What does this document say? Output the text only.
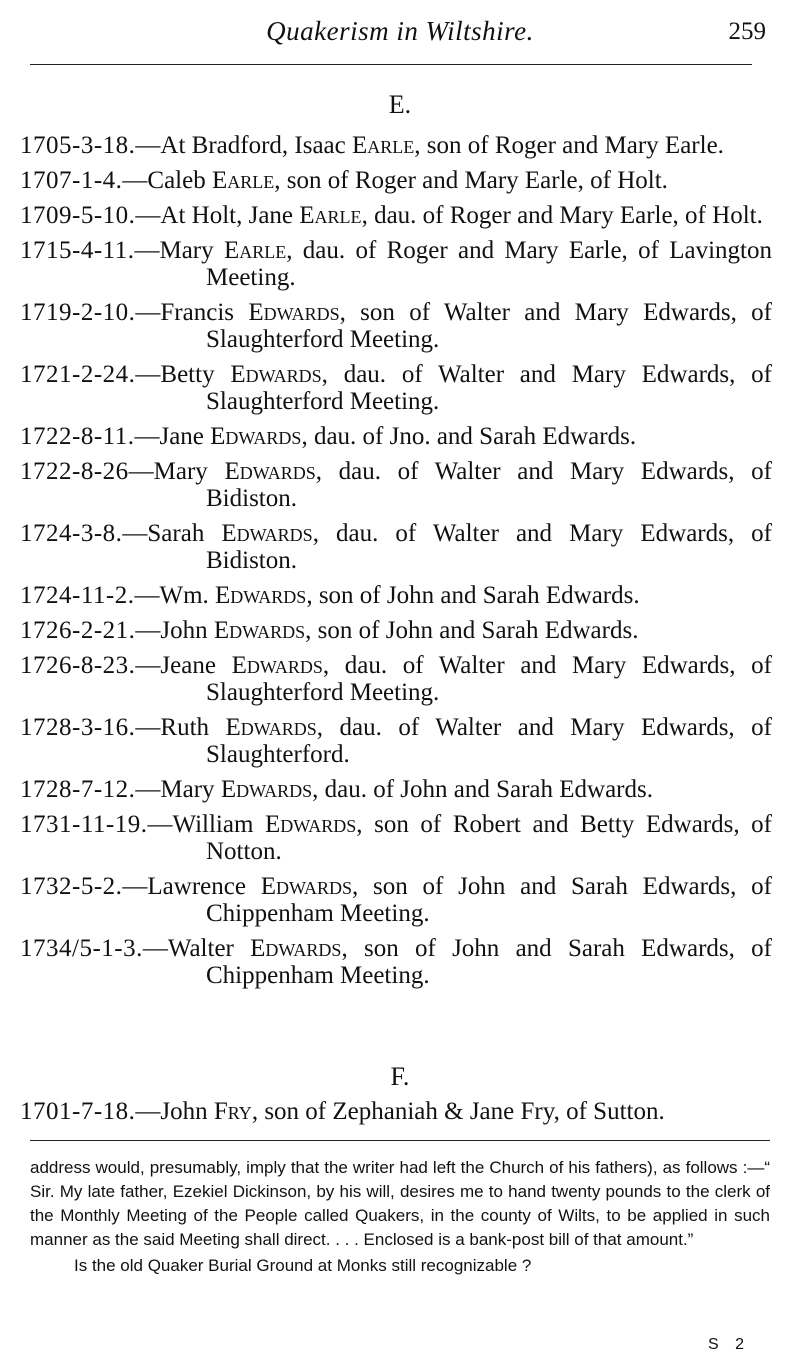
Quakerism in Wiltshire.	259
E.
1705-3-18.—At Bradford, Isaac Earle, son of Roger and Mary Earle.
1707-1-4.—Caleb Earle, son of Roger and Mary Earle, of Holt.
1709-5-10.—At Holt, Jane Earle, dau. of Roger and Mary Earle, of Holt.
1715-4-11.—Mary Earle, dau. of Roger and Mary Earle, of Lavington Meeting.
1719-2-10.—Francis Edwards, son of Walter and Mary Edwards, of Slaughterford Meeting.
1721-2-24.—Betty Edwards, dau. of Walter and Mary Edwards, of Slaughterford Meeting.
1722-8-11.—Jane Edwards, dau. of Jno. and Sarah Edwards.
1722-8-26—Mary Edwards, dau. of Walter and Mary Edwards, of Bidiston.
1724-3-8.—Sarah Edwards, dau. of Walter and Mary Edwards, of Bidiston.
1724-11-2.—Wm. Edwards, son of John and Sarah Edwards.
1726-2-21.—John Edwards, son of John and Sarah Edwards.
1726-8-23.—Jeane Edwards, dau. of Walter and Mary Edwards, of Slaughterford Meeting.
1728-3-16.—Ruth Edwards, dau. of Walter and Mary Edwards, of Slaughterford.
1728-7-12.—Mary Edwards, dau. of John and Sarah Edwards.
1731-11-19.—William Edwards, son of Robert and Betty Edwards, of Notton.
1732-5-2.—Lawrence Edwards, son of John and Sarah Edwards, of Chippenham Meeting.
1734/5-1-3.—Walter Edwards, son of John and Sarah Edwards, of Chippenham Meeting.
F.
1701-7-18.—John Fry, son of Zephaniah & Jane Fry, of Sutton.

address would, presumably, imply that the writer had left the Church of his fathers), as follows :—“ Sir. My late father, Ezekiel Dickinson, by his will, desires me to hand twenty pounds to the clerk of the Monthly Meeting of the People called Quakers, in the county of Wilts, to be applied in such manner as the said Meeting shall direct. . . . Enclosed is a bank-post bill of that amount.”

Is the old Quaker Burial Ground at Monks still recognizable ?

S 2
